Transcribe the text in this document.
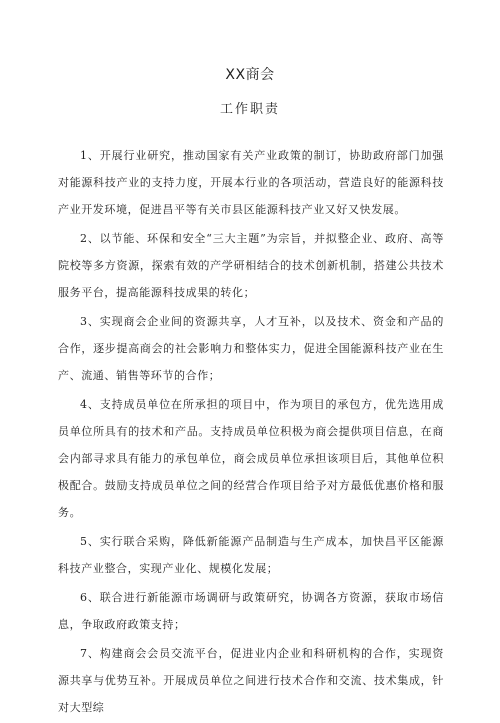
XX商会
工作职责

1、开展行业研究，推动国家有关产业政策的制订，协助政府部门加强对能源科技产业的支持力度，开展本行业的各项活动，营造良好的能源科技产业开发环境，促进昌平等有关市县区能源科技产业又好又快发展。

2、以节能、环保和安全“三大主题”为宗旨，并拟整企业、政府、高等院校等多方资源，探索有效的产学研相结合的技术创新机制，搭建公共技术服务平台，提高能源科技成果的转化；

3、实现商会企业间的资源共享，人才互补，以及技术、资金和产品的合作，逐步提高商会的社会影响力和整体实力，促进全国能源科技产业在生产、流通、销售等环节的合作；

4、支持成员单位在所承担的项目中，作为项目的承包方，优先选用成员单位所具有的技术和产品。支持成员单位积极为商会提供项目信息，在商会内部寻求具有能力的承包单位，商会成员单位承担该项目后，其他单位积极配合。鼓励支持成员单位之间的经营合作项目给予对方最低优惠价格和服务。

5、实行联合采购，降低新能源产品制造与生产成本，加快昌平区能源科技产业整合，实现产业化、规模化发展；

6、联合进行新能源市场调研与政策研究，协调各方资源，获取市场信息，争取政府政策支持；

7、构建商会会员交流平台，促进业内企业和科研机构的合作，实现资源共享与优势互补。开展成员单位之间进行技术合作和交流、技术集成，针对大型综
